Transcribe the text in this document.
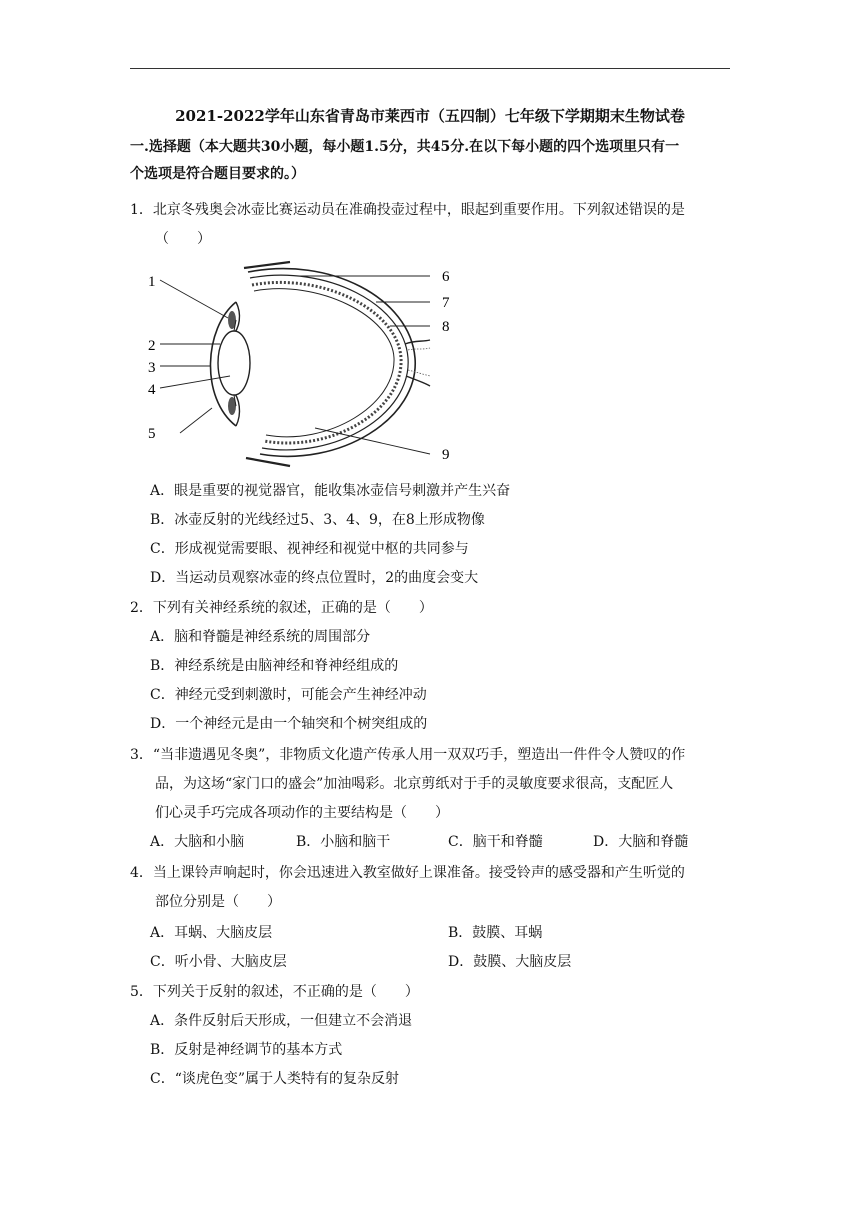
2021-2022学年山东省青岛市莱西市（五四制）七年级下学期期末生物试卷
一.选择题（本大题共30小题，每小题1.5分，共45分.在以下每小题的四个选项里只有一
个选项是符合题目要求的。）
1．北京冬残奥会冰壶比赛运动员在准确投壶过程中，眼起到重要作用。下列叙述错误的是
（　　）
1
2
3
4
5
6
7
8
9
A．眼是重要的视觉器官，能收集冰壶信号刺激并产生兴奋
B．冰壶反射的光线经过5、3、4、9，在8上形成物像
C．形成视觉需要眼、视神经和视觉中枢的共同参与
D．当运动员观察冰壶的终点位置时，2的曲度会变大
2．下列有关神经系统的叙述，正确的是（　　）
A．脑和脊髓是神经系统的周围部分
B．神经系统是由脑神经和脊神经组成的
C．神经元受到刺激时，可能会产生神经冲动
D．一个神经元是由一个轴突和个树突组成的
3．“当非遗遇见冬奥”，非物质文化遗产传承人用一双双巧手，塑造出一件件令人赞叹的作
品，为这场“家门口的盛会”加油喝彩。北京剪纸对于手的灵敏度要求很高，支配匠人
们心灵手巧完成各项动作的主要结构是（　　）
A．大脑和小脑	B．小脑和脑干	C．脑干和脊髓	D．大脑和脊髓
4．当上课铃声响起时，你会迅速进入教室做好上课准备。接受铃声的感受器和产生听觉的
部位分别是（　　）
A．耳蜗、大脑皮层	B．鼓膜、耳蜗
C．听小骨、大脑皮层	D．鼓膜、大脑皮层
5．下列关于反射的叙述，不正确的是（　　）
A．条件反射后天形成，一但建立不会消退
B．反射是神经调节的基本方式
C．“谈虎色变”属于人类特有的复杂反射
